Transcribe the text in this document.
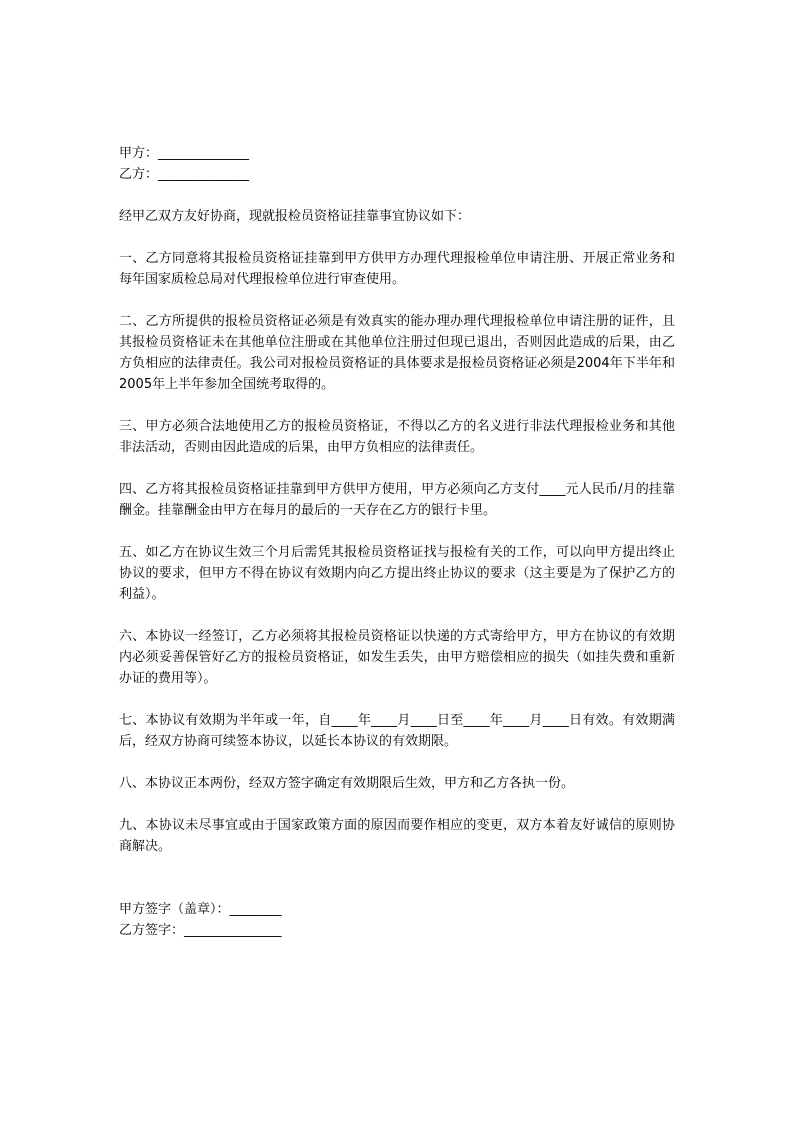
甲方：______________
乙方：______________

经甲乙双方友好协商，现就报检员资格证挂靠事宜协议如下：

一、乙方同意将其报检员资格证挂靠到甲方供甲方办理代理报检单位申请注册、开展正常业务和每年国家质检总局对代理报检单位进行审查使用。

二、乙方所提供的报检员资格证必须是有效真实的能办理办理代理报检单位申请注册的证件，且其报检员资格证未在其他单位注册或在其他单位注册过但现已退出，否则因此造成的后果，由乙方负相应的法律责任。我公司对报检员资格证的具体要求是报检员资格证必须是2004年下半年和2005年上半年参加全国统考取得的。

三、甲方必须合法地使用乙方的报检员资格证，不得以乙方的名义进行非法代理报检业务和其他非法活动，否则由因此造成的后果，由甲方负相应的法律责任。

四、乙方将其报检员资格证挂靠到甲方供甲方使用，甲方必须向乙方支付____元人民币/月的挂靠酬金。挂靠酬金由甲方在每月的最后的一天存在乙方的银行卡里。

五、如乙方在协议生效三个月后需凭其报检员资格证找与报检有关的工作，可以向甲方提出终止协议的要求，但甲方不得在协议有效期内向乙方提出终止协议的要求（这主要是为了保护乙方的利益）。

六、本协议一经签订，乙方必须将其报检员资格证以快递的方式寄给甲方，甲方在协议的有效期内必须妥善保管好乙方的报检员资格证，如发生丢失，由甲方赔偿相应的损失（如挂失费和重新办证的费用等）。

七、本协议有效期为半年或一年，自____年____月____日至____年____月____日有效。有效期满后，经双方协商可续签本协议，以延长本协议的有效期限。

八、本协议正本两份，经双方签字确定有效期限后生效，甲方和乙方各执一份。

九、本协议未尽事宜或由于国家政策方面的原因而要作相应的变更，双方本着友好诚信的原则协商解决。

甲方签字（盖章）：________
乙方签字：_______________
